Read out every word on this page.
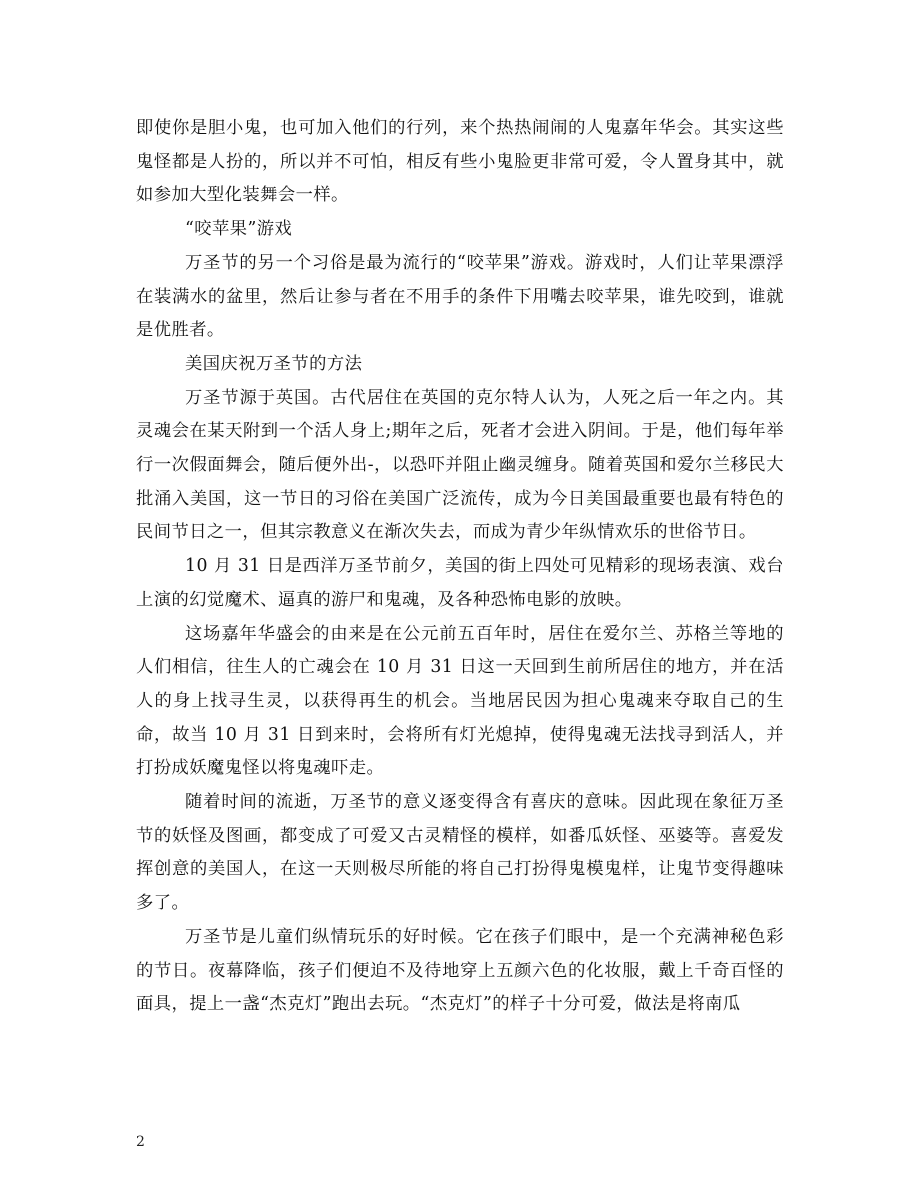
即使你是胆小鬼，也可加入他们的行列，来个热热闹闹的人鬼嘉年华会。其实这些鬼怪都是人扮的，所以并不可怕，相反有些小鬼脸更非常可爱，令人置身其中，就如参加大型化装舞会一样。

“咬苹果”游戏

万圣节的另一个习俗是最为流行的“咬苹果”游戏。游戏时，人们让苹果漂浮在装满水的盆里，然后让参与者在不用手的条件下用嘴去咬苹果，谁先咬到，谁就是优胜者。

美国庆祝万圣节的方法

万圣节源于英国。古代居住在英国的克尔特人认为，人死之后一年之内。其灵魂会在某天附到一个活人身上;期年之后，死者才会进入阴间。于是，他们每年举行一次假面舞会，随后便外出-，以恐吓并阻止幽灵缠身。随着英国和爱尔兰移民大批涌入美国，这一节日的习俗在美国广泛流传，成为今日美国最重要也最有特色的民间节日之一，但其宗教意义在渐次失去，而成为青少年纵情欢乐的世俗节日。

10 月 31 日是西洋万圣节前夕，美国的街上四处可见精彩的现场表演、戏台上演的幻觉魔术、逼真的游尸和鬼魂，及各种恐怖电影的放映。

这场嘉年华盛会的由来是在公元前五百年时，居住在爱尔兰、苏格兰等地的人们相信，往生人的亡魂会在 10 月 31 日这一天回到生前所居住的地方，并在活人的身上找寻生灵，以获得再生的机会。当地居民因为担心鬼魂来夺取自己的生命，故当 10 月 31 日到来时，会将所有灯光熄掉，使得鬼魂无法找寻到活人，并打扮成妖魔鬼怪以将鬼魂吓走。

随着时间的流逝，万圣节的意义逐变得含有喜庆的意味。因此现在象征万圣节的妖怪及图画，都变成了可爱又古灵精怪的模样，如番瓜妖怪、巫婆等。喜爱发挥创意的美国人，在这一天则极尽所能的将自己打扮得鬼模鬼样，让鬼节变得趣味多了。

万圣节是儿童们纵情玩乐的好时候。它在孩子们眼中，是一个充满神秘色彩的节日。夜幕降临，孩子们便迫不及待地穿上五颜六色的化妆服，戴上千奇百怪的面具，提上一盏“杰克灯”跑出去玩。“杰克灯”的样子十分可爱，做法是将南瓜

2
